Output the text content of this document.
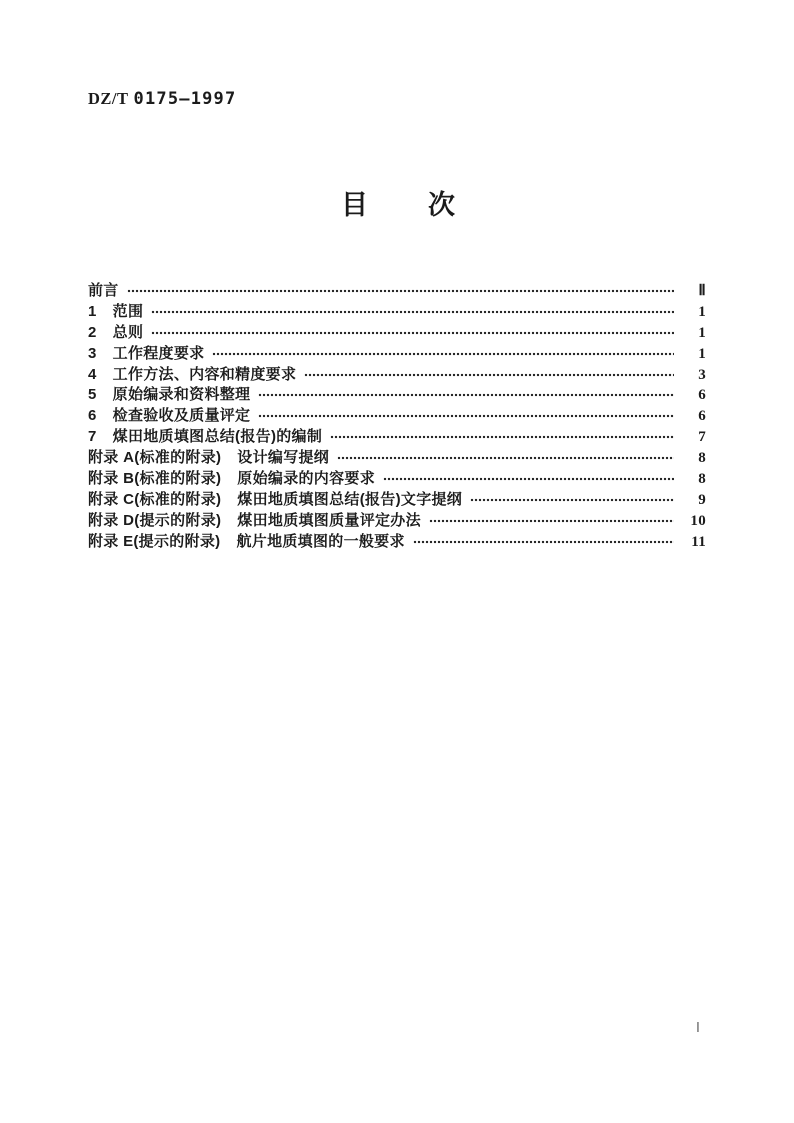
DZ/T 0175—1997
目 次
前言	Ⅱ
1 范围	1
2 总则	1
3 工作程度要求	1
4 工作方法、内容和精度要求	3
5 原始编录和资料整理	6
6 检查验收及质量评定	6
7 煤田地质填图总结(报告)的编制	7
附录 A(标准的附录) 设计编写提纲	8
附录 B(标准的附录) 原始编录的内容要求	8
附录 C(标准的附录) 煤田地质填图总结(报告)文字提纲	9
附录 D(提示的附录) 煤田地质填图质量评定办法	10
附录 E(提示的附录) 航片地质填图的一般要求	11
Ⅰ
